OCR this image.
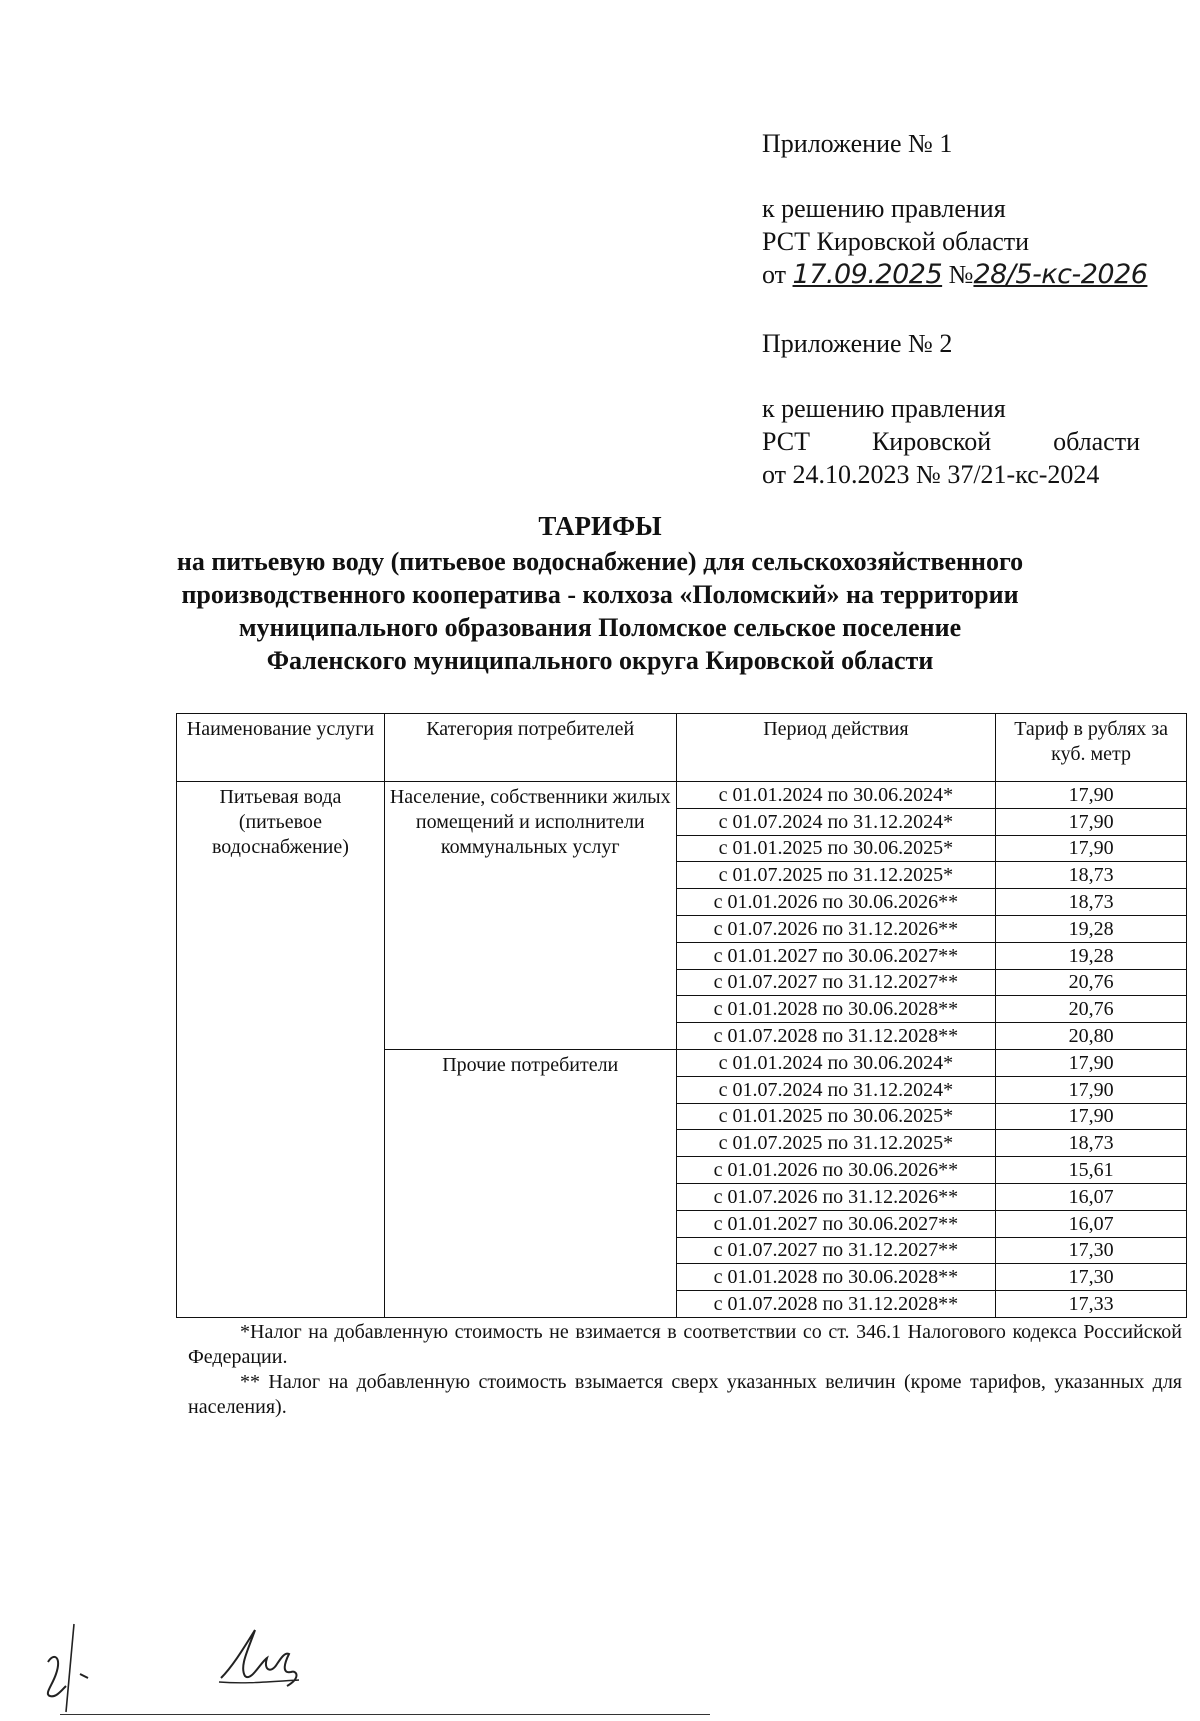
Приложение № 1
к решению правления
РСТ Кировской области
от 17.09.2025 №28/5-кс-2026
Приложение № 2
к решению правления
РСТ Кировской области
от 24.10.2023 № 37/21-кс-2024
ТАРИФЫ
на питьевую воду (питьевое водоснабжение) для сельскохозяйственного
производственного кооператива - колхоза «Поломский» на территории
муниципального образования Поломское сельское поселение
Фаленского муниципального округа Кировской области
Наименование услуги	Категория потребителей	Период действия	Тариф в рублях за куб. метр
Питьевая вода (питьевое водоснабжение)	Население, собственники жилых помещений и исполнители коммунальных услуг	с 01.01.2024 по 30.06.2024*	17,90
		с 01.07.2024 по 31.12.2024*	17,90
		с 01.01.2025 по 30.06.2025*	17,90
		с 01.07.2025 по 31.12.2025*	18,73
		с 01.01.2026 по 30.06.2026**	18,73
		с 01.07.2026 по 31.12.2026**	19,28
		с 01.01.2027 по 30.06.2027**	19,28
		с 01.07.2027 по 31.12.2027**	20,76
		с 01.01.2028 по 30.06.2028**	20,76
		с 01.07.2028 по 31.12.2028**	20,80
	Прочие потребители	с 01.01.2024 по 30.06.2024*	17,90
		с 01.07.2024 по 31.12.2024*	17,90
		с 01.01.2025 по 30.06.2025*	17,90
		с 01.07.2025 по 31.12.2025*	18,73
		с 01.01.2026 по 30.06.2026**	15,61
		с 01.07.2026 по 31.12.2026**	16,07
		с 01.01.2027 по 30.06.2027**	16,07
		с 01.07.2027 по 31.12.2027**	17,30
		с 01.01.2028 по 30.06.2028**	17,30
		с 01.07.2028 по 31.12.2028**	17,33

*Налог на добавленную стоимость не взимается в соответствии со ст. 346.1 Налогового кодекса Российской Федерации.

** Налог на добавленную стоимость взымается сверх указанных величин (кроме тарифов, указанных для населения).
